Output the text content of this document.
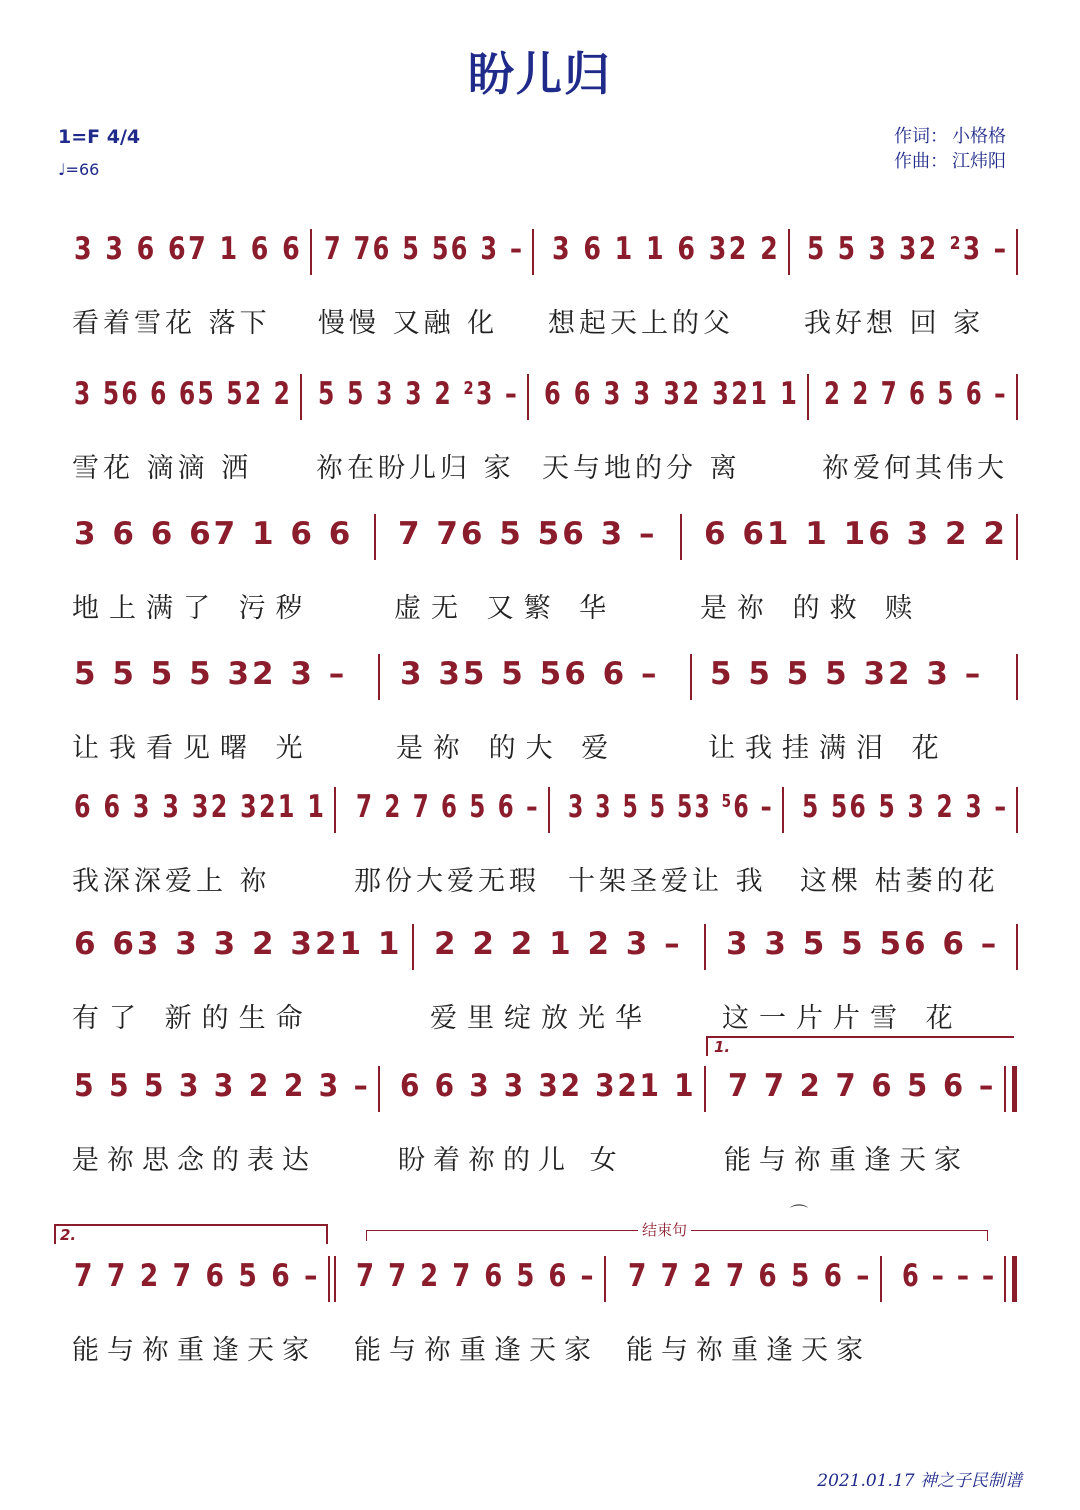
盼儿归
1=F 4/4
♩=66
作词： 小格格
作曲： 江炜阳
3 3 6 67 1 6 6 7 76 5 56 3 – 3 6 1 1 6 32 2 5 5 3 32 ²3 –
看着雪花 落下 慢慢 又融 化 想起天上的父	我好想 回 家
3 56 6 65 52 2 5 5 3 3 2 ²3 – 6 6 3 3 32 321 1 2 2 7 6 5 6 –
雪花 滴滴 洒 祢在盼儿归 家 天与地的分 离	祢爱何其伟大
3 6 6 67 1 6 6 7 76 5 56 3 – 6 61 1 16 3 2 2
地上满了 污秽	虚无 又繁 华	是祢 的救 赎
5 5 5 5 32 3 – 3 35 5 56 6 – 5 5 5 5 32 3 –
让我看见曙 光	是祢 的大 爱	让我挂满泪 花
6 6 3 3 32 321 1 7 2 7 6 5 6 – 3 3 5 5 53 ⁵6 – 5 56 5 3 2 3 –
我深深爱上 祢	那份大爱无瑕 十架圣爱让 我 这棵 枯萎的花
6 63 3 3 2 321 1 2 2 2 1 2 3 – 3 3 5 5 56 6 –
有了 新的生命	爱里绽放光华	这一片片雪 花
1.
5 5 5 3 3 2 2 3 – 6 6 3 3 32 321 1 7 7 2 7 6 5 6 –
是祢思念的表达	盼着祢的儿 女	能与祢重逢天家
2.	结束句
⌒
7 7 2 7 6 5 6 – 7 7 2 7 6 5 6 – 7 7 2 7 6 5 6 – 6 – – –
能与祢重逢天家 能与祢重逢天家 能与祢重逢天家
2021.01.17 神之子民制谱
